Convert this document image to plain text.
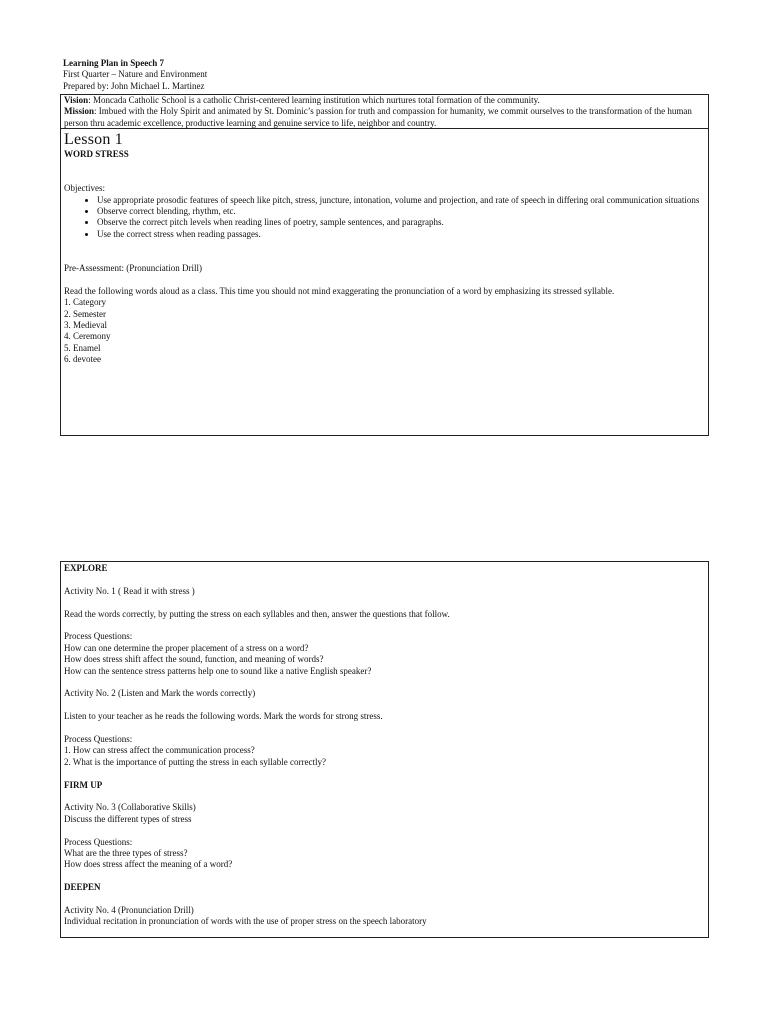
Learning Plan in Speech 7
First Quarter – Nature and Environment
Prepared by: John Michael L. Martinez
Vision: Moncada Catholic School is a catholic Christ-centered learning institution which nurtures total formation of the community.
Mission: Imbued with the Holy Spirit and animated by St. Dominic’s passion for truth and compassion for humanity, we commit ourselves to the transformation of the human person thru academic excellence, productive learning and genuine service to life, neighbor and country.
Lesson 1
WORD STRESS
Objectives:
• Use appropriate prosodic features of speech like pitch, stress, juncture, intonation, volume and projection, and rate of speech in differing oral communication situations
• Observe correct blending, rhythm, etc.
• Observe the correct pitch levels when reading lines of poetry, sample sentences, and paragraphs.
• Use the correct stress when reading passages.
Pre-Assessment: (Pronunciation Drill)
Read the following words aloud as a class. This time you should not mind exaggerating the pronunciation of a word by emphasizing its stressed syllable.
1. Category
2. Semester
3. Medieval
4. Ceremony
5. Enamel
6. devotee
EXPLORE
Activity No. 1 ( Read it with stress )
Read the words correctly, by putting the stress on each syllables and then, answer the questions that follow.
Process Questions:
How can one determine the proper placement of a stress on a word?
How does stress shift affect the sound, function, and meaning of words?
How can the sentence stress patterns help one to sound like a native English speaker?
Activity No. 2 (Listen and Mark the words correctly)
Listen to your teacher as he reads the following words. Mark the words for strong stress.
Process Questions:
1. How can stress affect the communication process?
2. What is the importance of putting the stress in each syllable correctly?
FIRM UP
Activity No. 3 (Collaborative Skills)
Discuss the different types of stress
Process Questions:
What are the three types of stress?
How does stress affect the meaning of a word?
DEEPEN
Activity No. 4 (Pronunciation Drill)
Individual recitation in pronunciation of words with the use of proper stress on the speech laboratory
